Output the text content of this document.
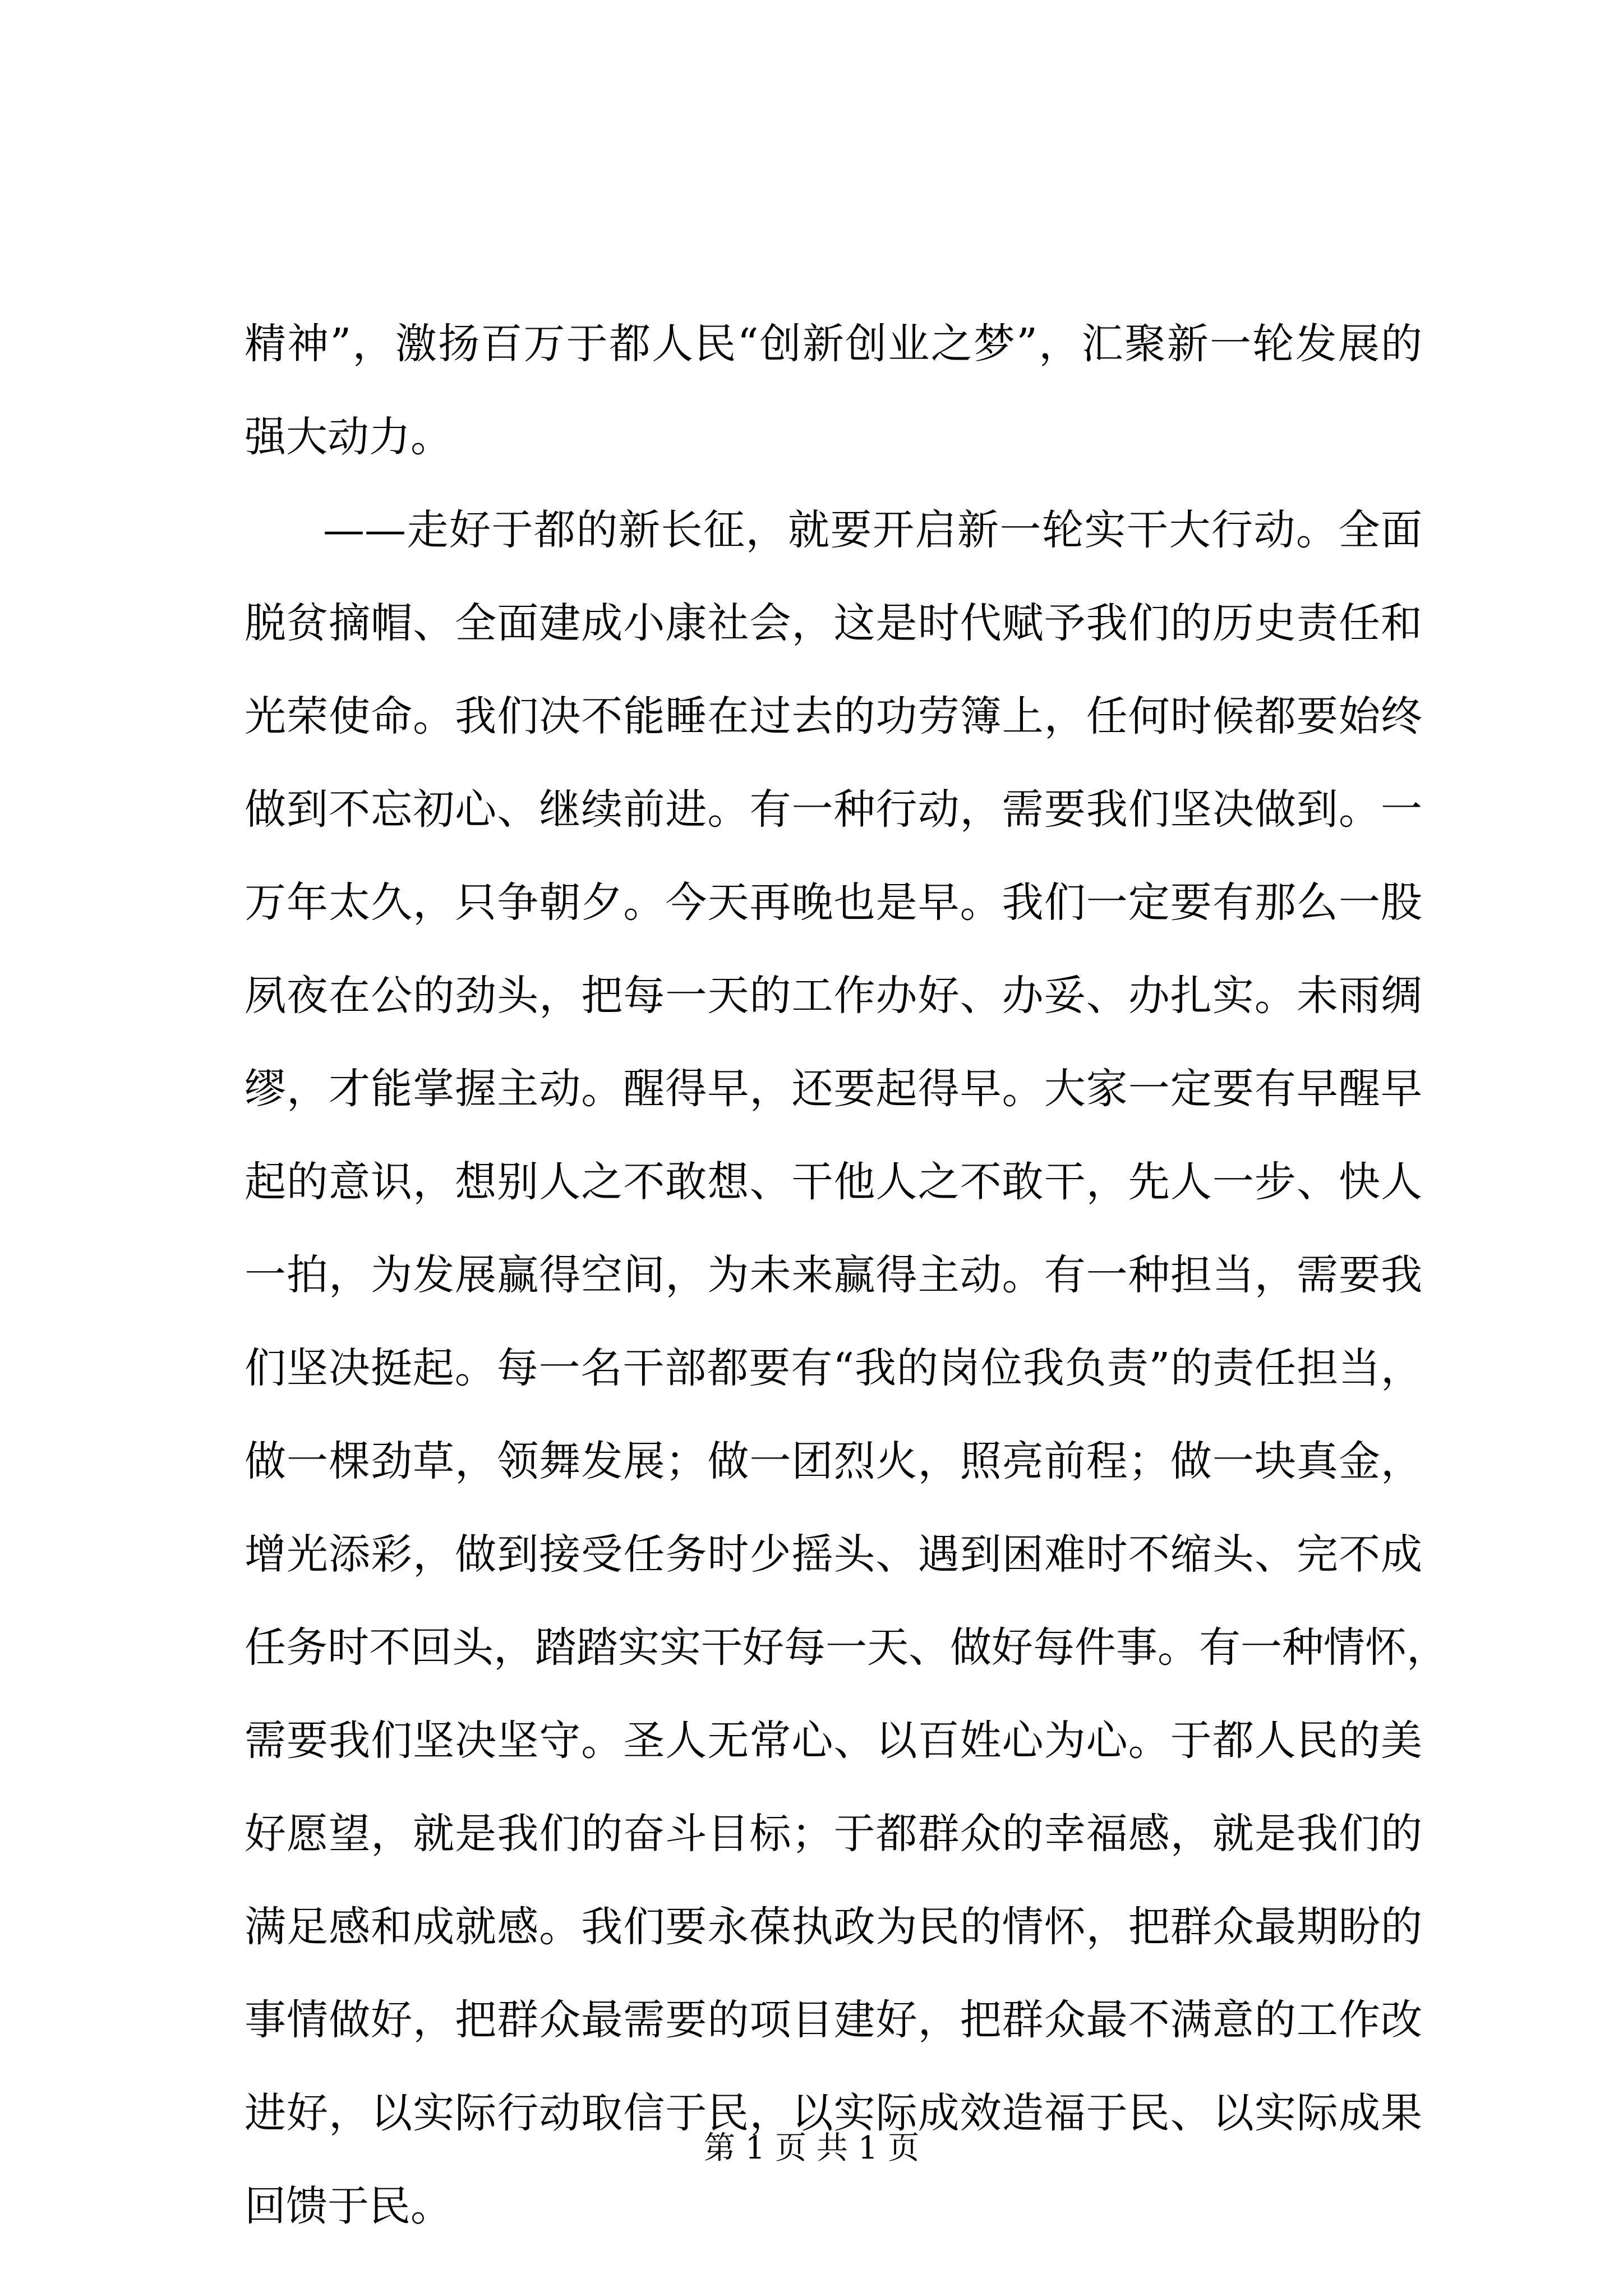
精神”，激扬百万于都人民“创新创业之梦”，汇聚新一轮发展的
强大动力。
——走好于都的新长征，就要开启新一轮实干大行动。全面
脱贫摘帽、全面建成小康社会，这是时代赋予我们的历史责任和
光荣使命。我们决不能睡在过去的功劳簿上，任何时候都要始终
做到不忘初心、继续前进。有一种行动，需要我们坚决做到。一
万年太久，只争朝夕。今天再晚也是早。我们一定要有那么一股
夙夜在公的劲头，把每一天的工作办好、办妥、办扎实。未雨绸
缪，才能掌握主动。醒得早，还要起得早。大家一定要有早醒早
起的意识，想别人之不敢想、干他人之不敢干，先人一步、快人
一拍，为发展赢得空间，为未来赢得主动。有一种担当，需要我
们坚决挺起。每一名干部都要有“我的岗位我负责”的责任担当，
做一棵劲草，领舞发展；做一团烈火，照亮前程；做一块真金，
增光添彩，做到接受任务时少摇头、遇到困难时不缩头、完不成
任务时不回头，踏踏实实干好每一天、做好每件事。有一种情怀，
需要我们坚决坚守。圣人无常心、以百姓心为心。于都人民的美
好愿望，就是我们的奋斗目标；于都群众的幸福感，就是我们的
满足感和成就感。我们要永葆执政为民的情怀，把群众最期盼的
事情做好，把群众最需要的项目建好，把群众最不满意的工作改
进好，以实际行动取信于民，以实际成效造福于民、以实际成果
回馈于民。
第 1 页 共 1 页
